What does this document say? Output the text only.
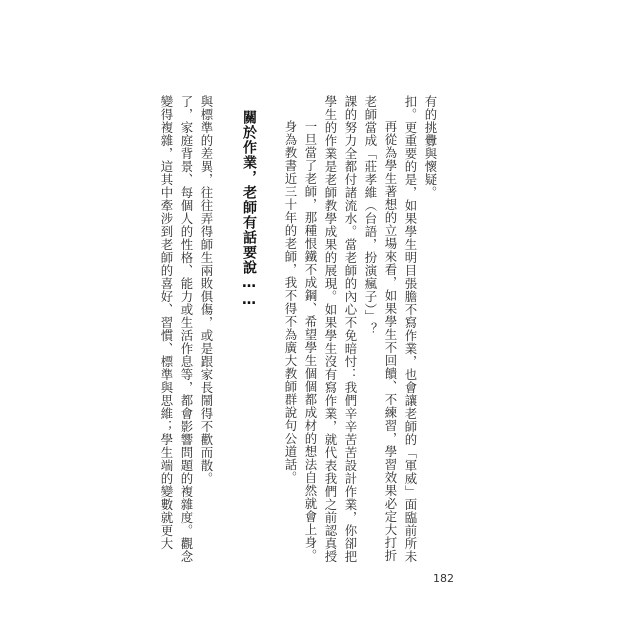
變得複雜，這其中牽涉到老師的喜好、習慣、標準與思維；學生端的變數就更大 了，家庭背景、每個人的性格、能力或生活作息等，都會影響問題的複雜度。觀念 與標準的差異，往往弄得師生兩敗俱傷，或是跟家長鬧得不歡而散。 關於作業，老師有話要說…… 身為教書近三十年的老師，我不得不為廣大教師群說句公道話。 一旦當了老師，那種恨鐵不成鋼、希望學生個個都成材的想法自然就會上身。 學生的作業是老師教學成果的展現。如果學生沒有寫作業，就代表我們之前認真授 課的努力全都付諸流水。當老師的內心不免暗忖：我們辛辛苦苦設計作業，你卻把 老師當成「莊孝維（台語，扮演瘋子）」？ 再從為學生著想的立場來看，如果學生不回饋、不練習，學習效果必定大打折 扣。更重要的是，如果學生明目張膽不寫作業，也會讓老師的「軍威」面臨前所未 有的挑釁與懷疑。
182
